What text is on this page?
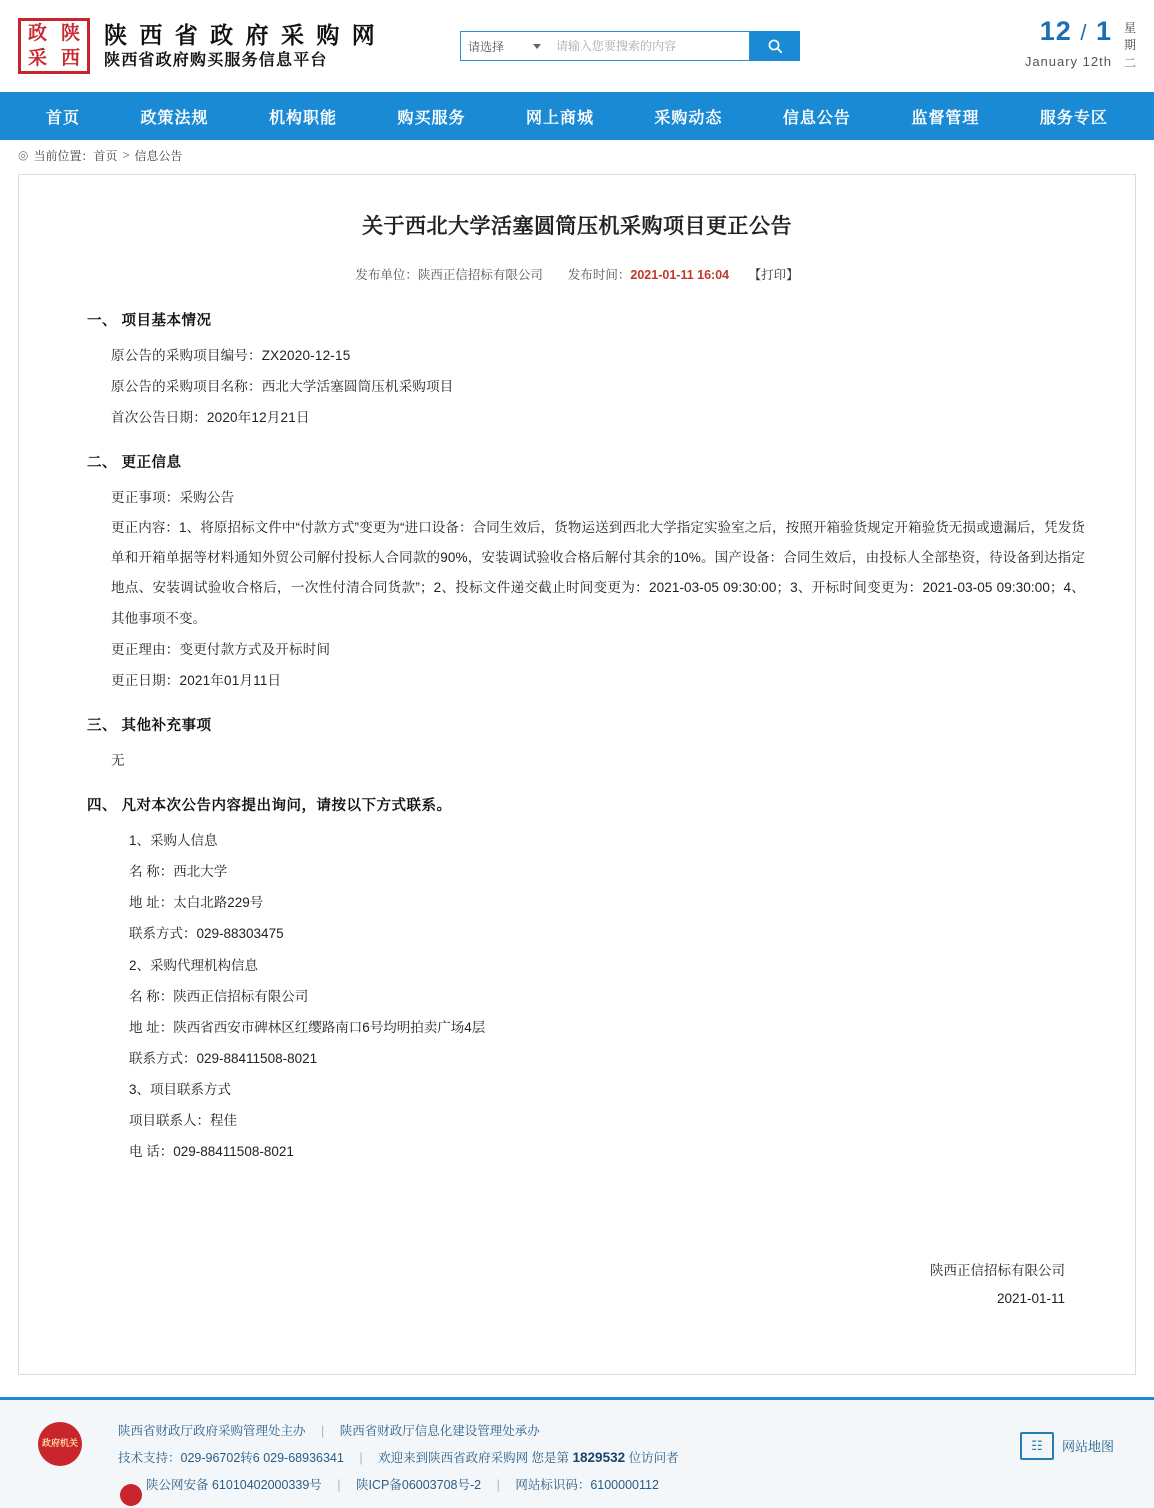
政 陕
采 西
陕 西 省 政 府 采 购 网
陕西省政府购买服务信息平台
请选择
请输入您要搜索的内容
12 / 1
January 12th
星
期
二
首页	政策法规	机构职能	购买服务	网上商城	采购动态	信息公告	监督管理	服务专区
◎ 当前位置： 首页 > 信息公告
关于西北大学活塞圆筒压机采购项目更正公告
发布单位：陕西正信招标有限公司 发布时间：2021-01-11 16:04 【打印】
一、 项目基本情况
原公告的采购项目编号：ZX2020-12-15
原公告的采购项目名称：西北大学活塞圆筒压机采购项目
首次公告日期：2020年12月21日
二、 更正信息
更正事项：采购公告
更正内容：1、将原招标文件中“付款方式”变更为“进口设备：合同生效后，货物运送到西北大学指定实验室之后，按照开箱验货规定开箱验货无损或遗漏后，凭发货单和开箱单据等材料通知外贸公司解付投标人合同款的90%，安装调试验收合格后解付其余的10%。国产设备：合同生效后，由投标人全部垫资，待设备到达指定地点、安装调试验收合格后，一次性付清合同货款”；2、投标文件递交截止时间变更为：2021-03-05 09:30:00；3、开标时间变更为：2021-03-05 09:30:00；4、其他事项不变。
更正理由：变更付款方式及开标时间
更正日期：2021年01月11日
三、 其他补充事项
无
四、 凡对本次公告内容提出询问，请按以下方式联系。
1、采购人信息
名 称：西北大学
地 址：太白北路229号
联系方式：029-88303475
2、采购代理机构信息
名 称：陕西正信招标有限公司
地 址：陕西省西安市碑林区红缨路南口6号均明拍卖广场4层
联系方式：029-88411508-8021
3、项目联系方式
项目联系人：程佳
电 话：029-88411508-8021
陕西正信招标有限公司
2021-01-11
政府机关
陕西省财政厅政府采购管理处主办 | 陕西省财政厅信息化建设管理处承办
技术支持：029-96702转6 029-68936341 | 欢迎来到陕西省政府采购网 您是第 1829532 位访问者
陕公网安备 61010402000339号 | 陕ICP备06003708号-2 | 网站标识码：6100000112
☷	网站地图
